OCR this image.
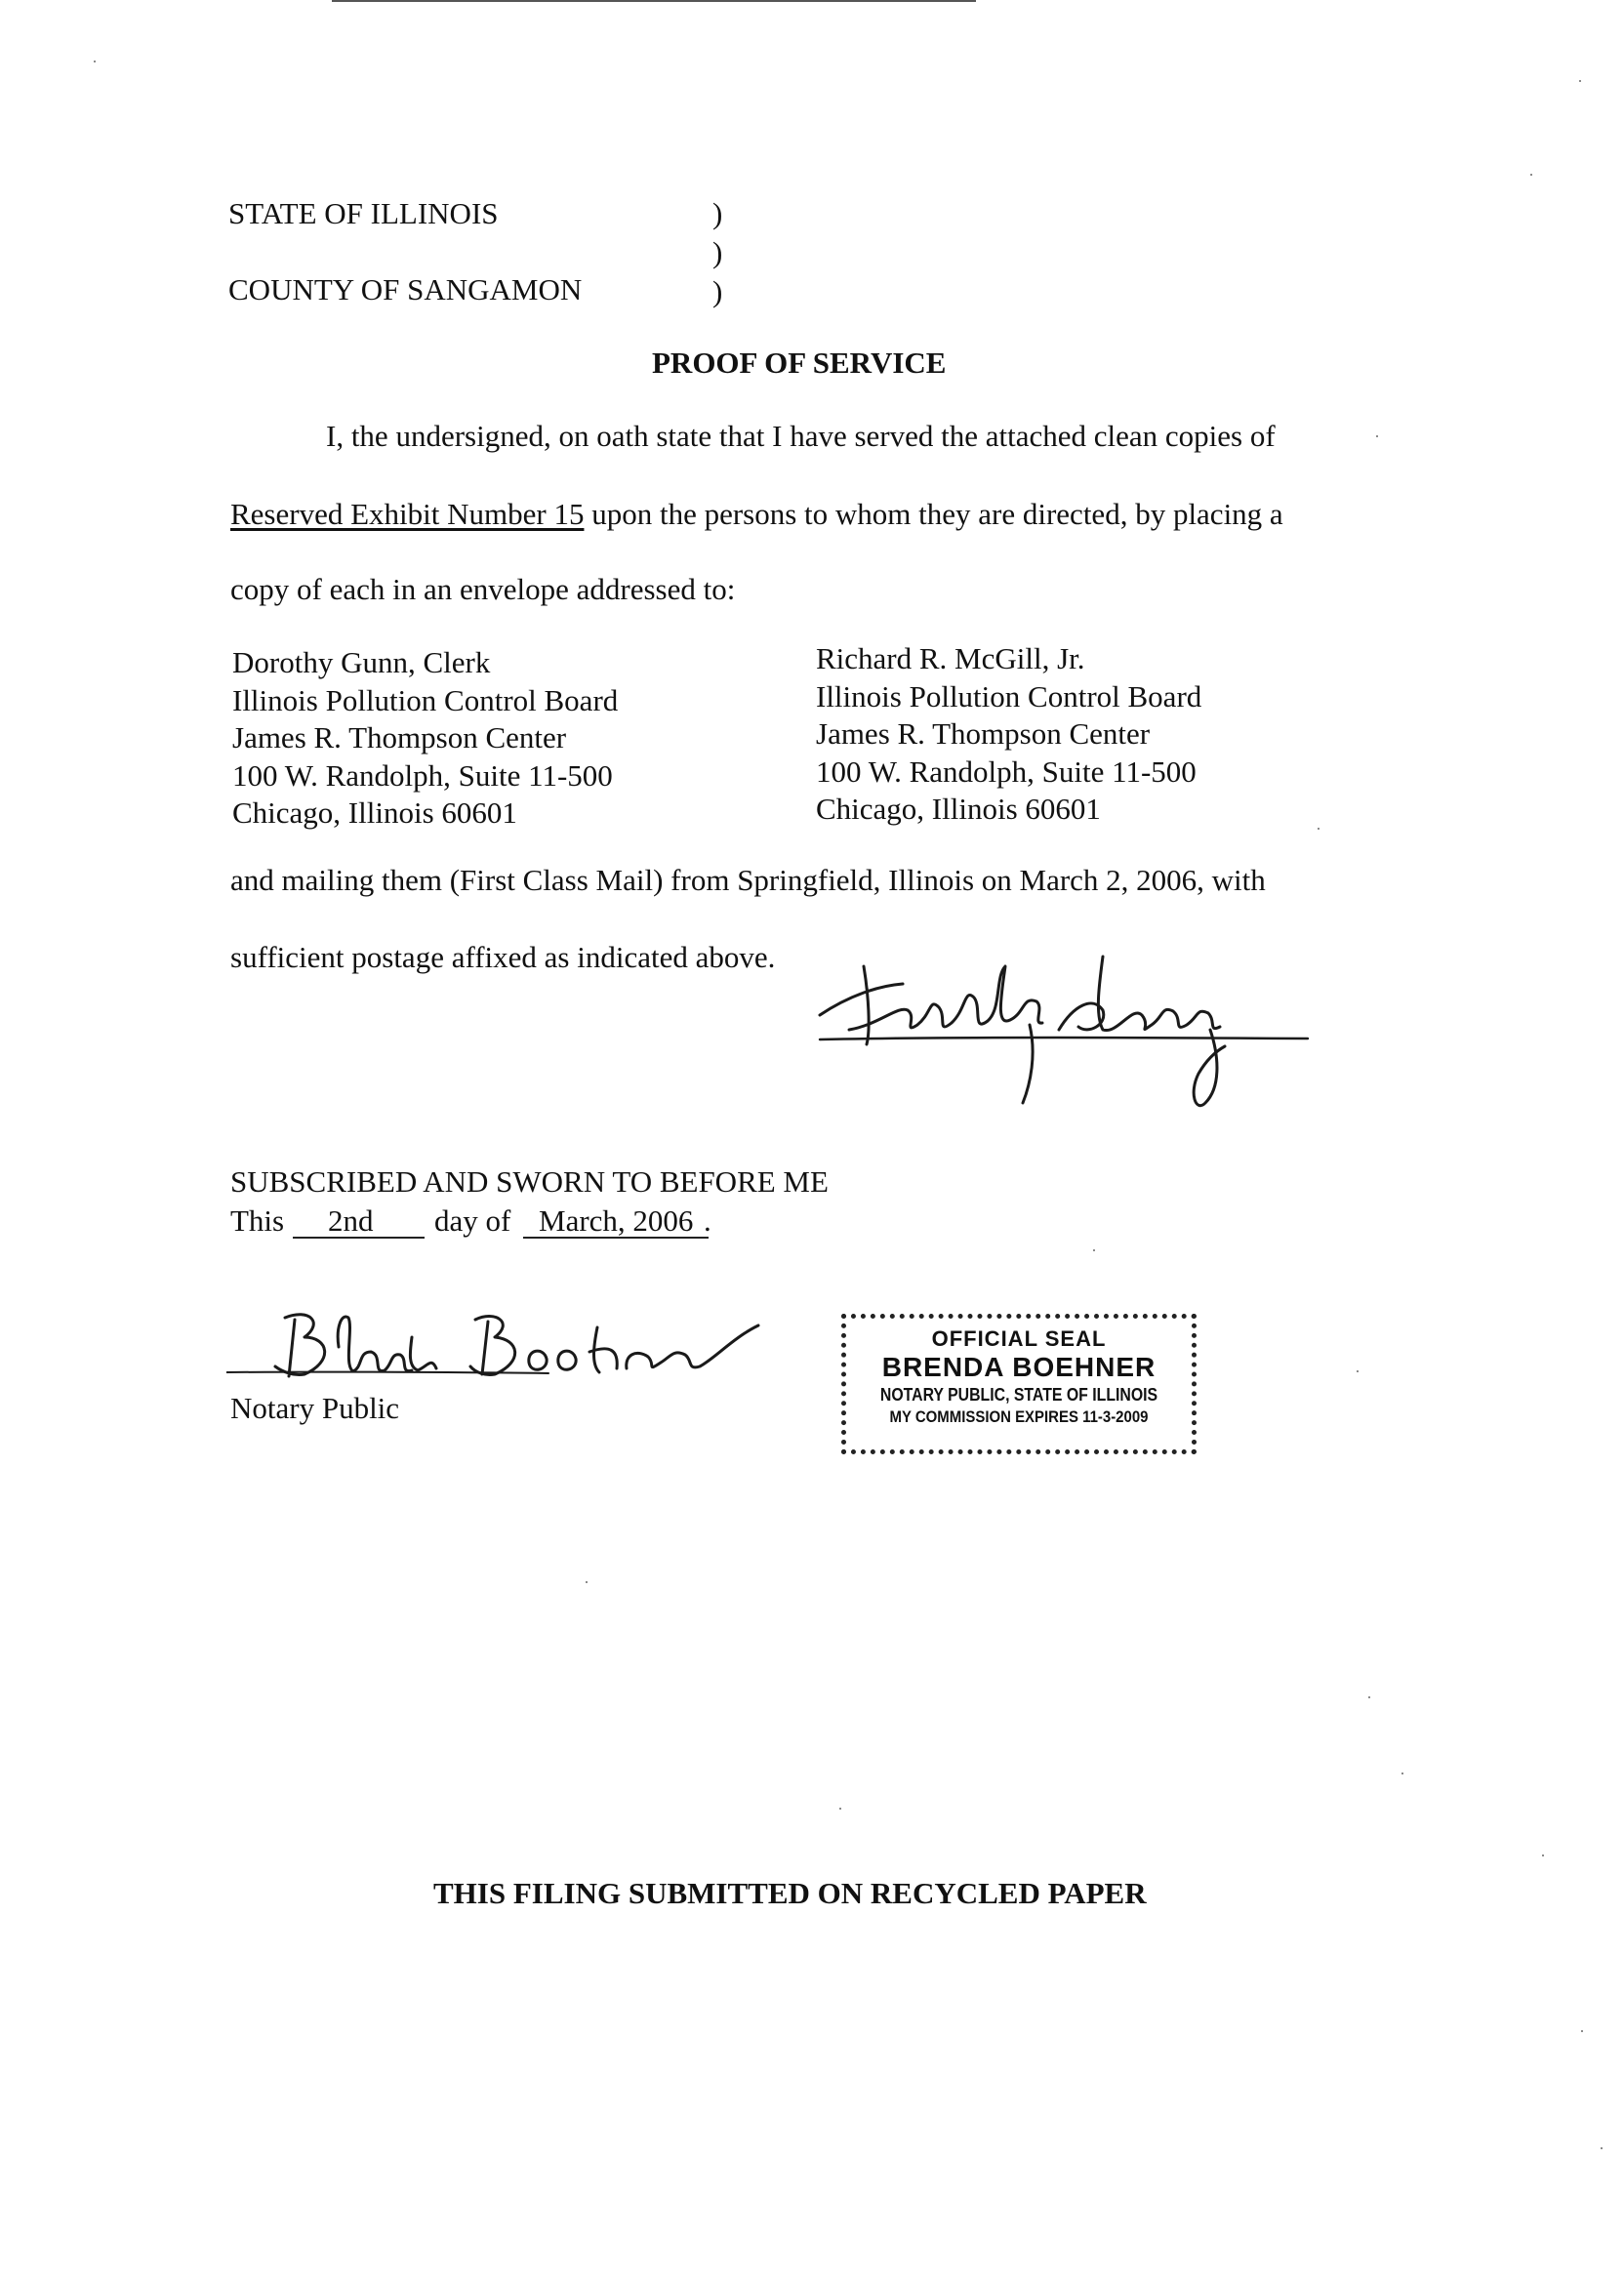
STATE OF ILLINOIS	)
)
COUNTY OF SANGAMON	)
PROOF OF SERVICE
I, the undersigned, on oath state that I have served the attached clean copies of
Reserved Exhibit Number 15 upon the persons to whom they are directed, by placing a
copy of each in an envelope addressed to:
Dorothy Gunn, Clerk
Illinois Pollution Control Board
James R. Thompson Center
100 W. Randolph, Suite 11-500
Chicago, Illinois 60601
Richard R. McGill, Jr.
Illinois Pollution Control Board
James R. Thompson Center
100 W. Randolph, Suite 11-500
Chicago, Illinois 60601
and mailing them (First Class Mail) from Springfield, Illinois on March 2, 2006, with
sufficient postage affixed as indicated above.
SUBSCRIBED AND SWORN TO BEFORE ME
This 2nd day of March, 2006 .
Notary Public
OFFICIAL SEAL
BRENDA BOEHNER
NOTARY PUBLIC, STATE OF ILLINOIS
MY COMMISSION EXPIRES 11-3-2009
THIS FILING SUBMITTED ON RECYCLED PAPER
